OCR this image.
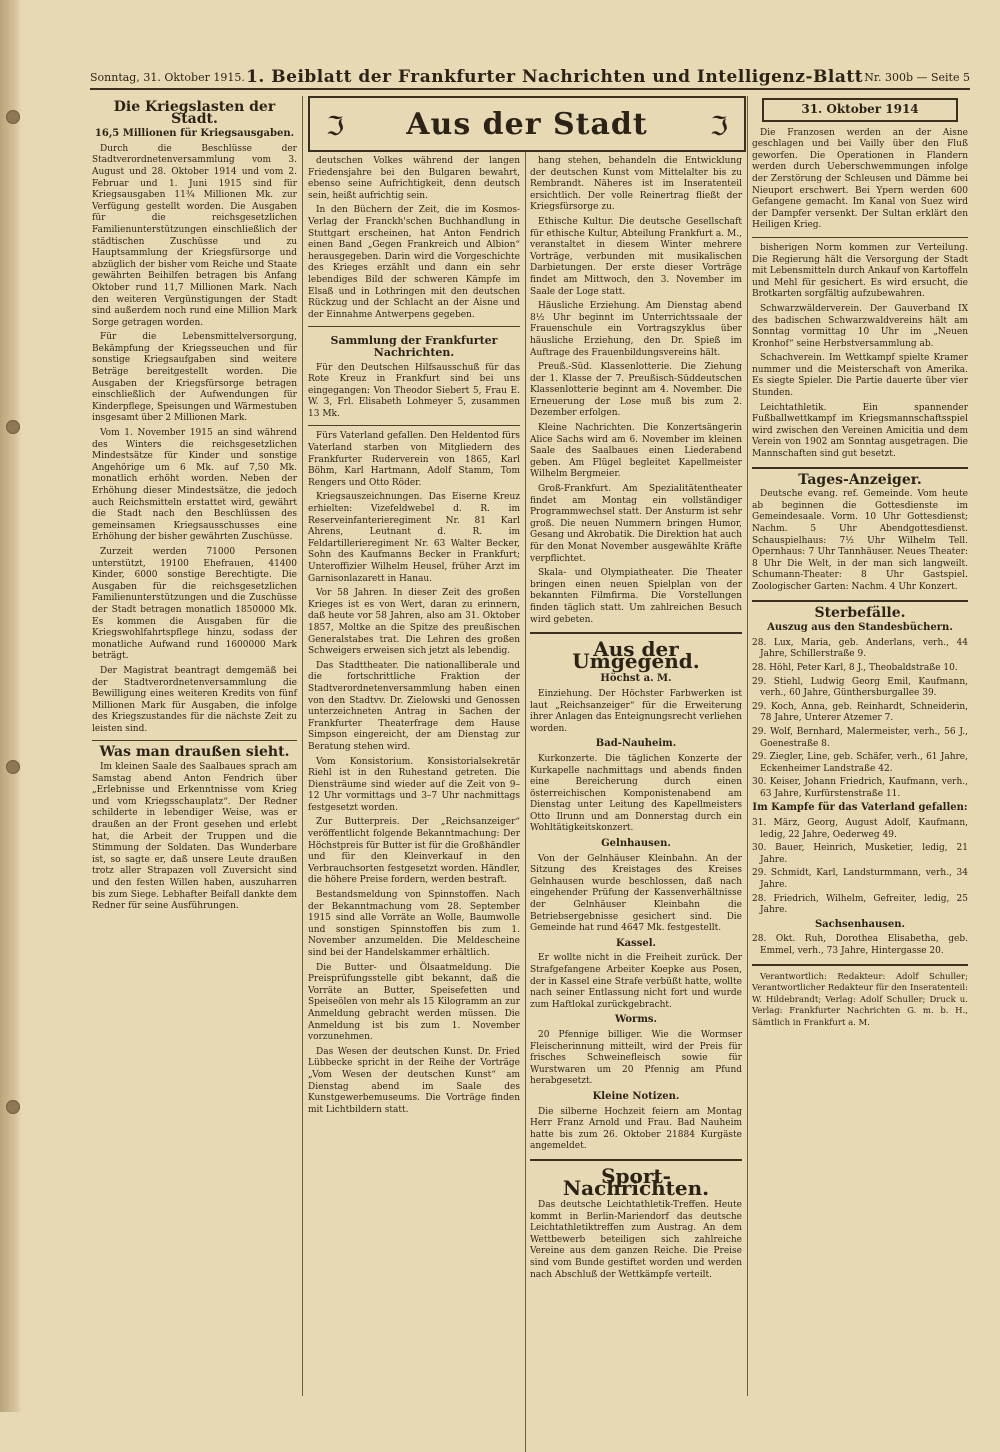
Sonntag, 31. Oktober 1915. 1. Beiblatt der Frankfurter Nachrichten und Intelligenz-Blatt Nr. 300b — Seite 5
ℑ Aus der Stadt ℑ
Die Kriegslasten der Stadt.
16,5 Millionen für Kriegsausgaben.

Durch die Beschlüsse der Stadtverordnetenversammlung vom 3. August und 28. Oktober 1914 und vom 2. Februar und 1. Juni 1915 sind für Kriegsausgaben 11¾ Millionen Mk. zur Verfügung gestellt worden. Die Ausgaben für die reichsgesetzlichen Familienunterstützungen einschließlich der städtischen Zuschüsse und zu Hauptsammlung der Kriegsfürsorge und abzüglich der bisher vom Reiche und Staate gewährten Beihilfen betragen bis Anfang Oktober rund 11,7 Millionen Mark. Nach den weiteren Vergünstigungen der Stadt sind außerdem noch rund eine Million Mark Sorge getragen worden.

Für die Lebensmittelversorgung, Bekämpfung der Kriegsseuchen und für sonstige Kriegsaufgaben sind weitere Beträge bereitgestellt worden. Die Ausgaben der Kriegsfürsorge betragen einschließlich der Aufwendungen für Kinderpflege, Speisungen und Wärmestuben insgesamt über 2 Millionen Mark.

Vom 1. November 1915 an sind während des Winters die reichsgesetzlichen Mindestsätze für Kinder und sonstige Angehörige um 6 Mk. auf 7,50 Mk. monatlich erhöht worden. Neben der Erhöhung dieser Mindestsätze, die jedoch auch Reichsmitteln erstattet wird, gewährt die Stadt nach den Beschlüssen des gemeinsamen Kriegsausschusses eine Erhöhung der bisher gewährten Zuschüsse.

Zurzeit werden 71000 Personen unterstützt, 19100 Ehefrauen, 41400 Kinder, 6000 sonstige Berechtigte. Die Ausgaben für die reichsgesetzlichen Familienunterstützungen und die Zuschüsse der Stadt betragen monatlich 1850000 Mk. Es kommen die Ausgaben für die Kriegswohlfahrtspflege hinzu, sodass der monatliche Aufwand rund 1600000 Mark beträgt.

Der Magistrat beantragt demgemäß bei der Stadtverordnetenversammlung die Bewilligung eines weiteren Kredits von fünf Millionen Mark für Ausgaben, die infolge des Kriegszustandes für die nächste Zeit zu leisten sind.

Was man draußen sieht.

Im kleinen Saale des Saalbaues sprach am Samstag abend Anton Fendrich über „Erlebnisse und Erkenntnisse vom Krieg und vom Kriegsschauplatz“. Der Redner schilderte in lebendiger Weise, was er draußen an der Front gesehen und erlebt hat, die Arbeit der Truppen und die Stimmung der Soldaten. Das Wunderbare ist, so sagte er, daß unsere Leute draußen trotz aller Strapazen voll Zuversicht sind und den festen Willen haben, auszuharren bis zum Siege. Lebhafter Beifall dankte dem Redner für seine Ausführungen.

deutschen Volkes während der langen Friedensjahre bei den Bulgaren bewahrt, ebenso seine Aufrichtigkeit, denn deutsch sein, heißt aufrichtig sein.

In den Büchern der Zeit, die im Kosmos-Verlag der Franckh'schen Buchhandlung in Stuttgart erscheinen, hat Anton Fendrich einen Band „Gegen Frankreich und Albion“ herausgegeben. Darin wird die Vorgeschichte des Krieges erzählt und dann ein sehr lebendiges Bild der schweren Kämpfe im Elsaß und in Lothringen mit den deutschen Rückzug und der Schlacht an der Aisne und der Einnahme Antwerpens gegeben.

Sammlung der Frankfurter Nachrichten.

Für den Deutschen Hilfsausschuß für das Rote Kreuz in Frankfurt sind bei uns eingegangen: Von Theodor Siebert 5, Frau E. W. 3, Frl. Elisabeth Lohmeyer 5, zusammen 13 Mk.

Fürs Vaterland gefallen. Den Heldentod fürs Vaterland starben von Mitgliedern des Frankfurter Ruderverein von 1865, Karl Böhm, Karl Hartmann, Adolf Stamm, Tom Rengers und Otto Röder.

Kriegsauszeichnungen. Das Eiserne Kreuz erhielten: Vizefeldwebel d. R. im Reserveinfanterieregiment Nr. 81 Karl Ahrens, Leutnant d. R. im Feldartillerieregiment Nr. 63 Walter Becker, Sohn des Kaufmanns Becker in Frankfurt; Unteroffizier Wilhelm Heusel, früher Arzt im Garnisonlazarett in Hanau.

Vor 58 Jahren. In dieser Zeit des großen Krieges ist es von Wert, daran zu erinnern, daß heute vor 58 Jahren, also am 31. Oktober 1857, Moltke an die Spitze des preußischen Generalstabes trat. Die Lehren des großen Schweigers erweisen sich jetzt als lebendig.

Das Stadttheater. Die nationalliberale und die fortschrittliche Fraktion der Stadtverordnetenversammlung haben einen von den Stadtvv. Dr. Zielowski und Genossen unterzeichneten Antrag in Sachen der Frankfurter Theaterfrage dem Hause Simpson eingereicht, der am Dienstag zur Beratung stehen wird.

Vom Konsistorium. Konsistorialsekretär Riehl ist in den Ruhestand getreten. Die Diensträume sind wieder auf die Zeit von 9–12 Uhr vormittags und 3–7 Uhr nachmittags festgesetzt worden.

Zur Butterpreis. Der „Reichsanzeiger“ veröffentlicht folgende Bekanntmachung: Der Höchstpreis für Butter ist für die Großhändler und für den Kleinverkauf in den Verbrauchsorten festgesetzt worden. Händler, die höhere Preise fordern, werden bestraft.

Bestandsmeldung von Spinnstoffen. Nach der Bekanntmachung vom 28. September 1915 sind alle Vorräte an Wolle, Baumwolle und sonstigen Spinnstoffen bis zum 1. November anzumelden. Die Meldescheine sind bei der Handelskammer erhältlich.

Die Butter- und Ölsaatmeldung. Die Preisprüfungsstelle gibt bekannt, daß die Vorräte an Butter, Speisefetten und Speiseölen von mehr als 15 Kilogramm an zur Anmeldung gebracht werden müssen. Die Anmeldung ist bis zum 1. November vorzunehmen.

Das Wesen der deutschen Kunst. Dr. Fried Lübbecke spricht in der Reihe der Vorträge „Vom Wesen der deutschen Kunst“ am Dienstag abend im Saale des Kunstgewerbemuseums. Die Vorträge finden mit Lichtbildern statt.

hang stehen, behandeln die Entwicklung der deutschen Kunst vom Mittelalter bis zu Rembrandt. Näheres ist im Inseratenteil ersichtlich. Der volle Reinertrag fließt der Kriegsfürsorge zu.

Ethische Kultur. Die deutsche Gesellschaft für ethische Kultur, Abteilung Frankfurt a. M., veranstaltet in diesem Winter mehrere Vorträge, verbunden mit musikalischen Darbietungen. Der erste dieser Vorträge findet am Mittwoch, den 3. November im Saale der Loge statt.

Häusliche Erziehung. Am Dienstag abend 8½ Uhr beginnt im Unterrichtssaale der Frauenschule ein Vortragszyklus über häusliche Erziehung, den Dr. Spieß im Auftrage des Frauenbildungsvereins hält.

Preuß.-Süd. Klassenlotterie. Die Ziehung der 1. Klasse der 7. Preußisch-Süddeutschen Klassenlotterie beginnt am 4. November. Die Erneuerung der Lose muß bis zum 2. Dezember erfolgen.

Kleine Nachrichten. Die Konzertsängerin Alice Sachs wird am 6. November im kleinen Saale des Saalbaues einen Liederabend geben. Am Flügel begleitet Kapellmeister Wilhelm Bergmeier.

Groß-Frankfurt. Am Spezialitätentheater findet am Montag ein vollständiger Programmwechsel statt. Der Ansturm ist sehr groß. Die neuen Nummern bringen Humor, Gesang und Akrobatik. Die Direktion hat auch für den Monat November ausgewählte Kräfte verpflichtet.

Skala- und Olympiatheater. Die Theater bringen einen neuen Spielplan von der bekannten Filmfirma. Die Vorstellungen finden täglich statt. Um zahlreichen Besuch wird gebeten.

Aus der Umgegend.
Höchst a. M.

Einziehung. Der Höchster Farbwerken ist laut „Reichsanzeiger“ für die Erweiterung ihrer Anlagen das Enteignungsrecht verliehen worden.

Bad-Nauheim.

Kurkonzerte. Die täglichen Konzerte der Kurkapelle nachmittags und abends finden eine Bereicherung durch einen österreichischen Komponistenabend am Dienstag unter Leitung des Kapellmeisters Otto Ilrunn und am Donnerstag durch ein Wohltätigkeitskonzert.

Gelnhausen.

Von der Gelnhäuser Kleinbahn. An der Sitzung des Kreistages des Kreises Gelnhausen wurde beschlossen, daß nach eingehender Prüfung der Kassenverhältnisse der Gelnhäuser Kleinbahn die Betriebsergebnisse gesichert sind. Die Gemeinde hat rund 4647 Mk. festgestellt.

Kassel.

Er wollte nicht in die Freiheit zurück. Der Strafgefangene Arbeiter Koepke aus Posen, der in Kassel eine Strafe verbüßt hatte, wollte nach seiner Entlassung nicht fort und wurde zum Haftlokal zurückgebracht.

Worms.

20 Pfennige billiger. Wie die Wormser Fleischerinnung mitteilt, wird der Preis für frisches Schweinefleisch sowie für Wurstwaren um 20 Pfennig am Pfund herabgesetzt.

Kleine Notizen.

Die silberne Hochzeit feiern am Montag Herr Franz Arnold und Frau. Bad Nauheim hatte bis zum 26. Oktober 21884 Kurgäste angemeldet.

Sport-Nachrichten.

Das deutsche Leichtathletik-Treffen. Heute kommt in Berlin-Mariendorf das deutsche Leichtathletiktreffen zum Austrag. An dem Wettbewerb beteiligen sich zahlreiche Vereine aus dem ganzen Reiche. Die Preise sind vom Bunde gestiftet worden und werden nach Abschluß der Wettkämpfe verteilt.

31. Oktober 1914

Die Franzosen werden an der Aisne geschlagen und bei Vailly über den Fluß geworfen. Die Operationen in Flandern werden durch Ueberschwemmungen infolge der Zerstörung der Schleusen und Dämme bei Nieuport erschwert. Bei Ypern werden 600 Gefangene gemacht. Im Kanal von Suez wird der Dampfer versenkt. Der Sultan erklärt den Heiligen Krieg.

bisherigen Norm kommen zur Verteilung. Die Regierung hält die Versorgung der Stadt mit Lebensmitteln durch Ankauf von Kartoffeln und Mehl für gesichert. Es wird ersucht, die Brotkarten sorgfältig aufzubewahren.

Schwarzwälderverein. Der Gauverband IX des badischen Schwarzwaldvereins hält am Sonntag vormittag 10 Uhr im „Neuen Kronhof“ seine Herbstversammlung ab.

Schachverein. Im Wettkampf spielte Kramer nummer und die Meisterschaft von Amerika. Es siegte Spieler. Die Partie dauerte über vier Stunden.

Leichtathletik. Ein spannender Fußballwettkampf im Kriegsmannschaftsspiel wird zwischen den Vereinen Amicitia und dem Verein von 1902 am Sonntag ausgetragen. Die Mannschaften sind gut besetzt.

Tages-Anzeiger.

Deutsche evang. ref. Gemeinde. Vom heute ab beginnen die Gottesdienste im Gemeindesaale. Vorm. 10 Uhr Gottesdienst; Nachm. 5 Uhr Abendgottesdienst. Schauspielhaus: 7½ Uhr Wilhelm Tell. Opernhaus: 7 Uhr Tannhäuser. Neues Theater: 8 Uhr Die Welt, in der man sich langweilt. Schumann-Theater: 8 Uhr Gastspiel. Zoologischer Garten: Nachm. 4 Uhr Konzert.

Sterbefälle.
Auszug aus den Standesbüchern.
28. Lux, Maria, geb. Anderlans, verh., 44 Jahre, Schillerstraße 9.
28. Höhl, Peter Karl, 8 J., Theobaldstraße 10.
29. Stiehl, Ludwig Georg Emil, Kaufmann, verh., 60 Jahre, Günthersburgallee 39.
29. Koch, Anna, geb. Reinhardt, Schneiderin, 78 Jahre, Unterer Atzemer 7.
29. Wolf, Bernhard, Malermeister, verh., 56 J., Goenestraße 8.
29. Ziegler, Line, geb. Schäfer, verh., 61 Jahre, Eckenheimer Landstraße 42.
30. Keiser, Johann Friedrich, Kaufmann, verh., 63 Jahre, Kurfürstenstraße 11.
Im Kampfe für das Vaterland gefallen:
31. März, Georg, August Adolf, Kaufmann, ledig, 22 Jahre, Oederweg 49.
30. Bauer, Heinrich, Musketier, ledig, 21 Jahre.
29. Schmidt, Karl, Landsturmmann, verh., 34 Jahre.
28. Friedrich, Wilhelm, Gefreiter, ledig, 25 Jahre.
Sachsenhausen.
28. Okt. Ruh, Dorothea Elisabetha, geb. Emmel, verh., 73 Jahre, Hintergasse 20.

Verantwortlich: Redakteur: Adolf Schuller; Verantwortlicher Redakteur für den Inseratenteil: W. Hildebrandt; Verlag: Adolf Schuller; Druck u. Verlag: Frankfurter Nachrichten G. m. b. H., Sämtlich in Frankfurt a. M.
